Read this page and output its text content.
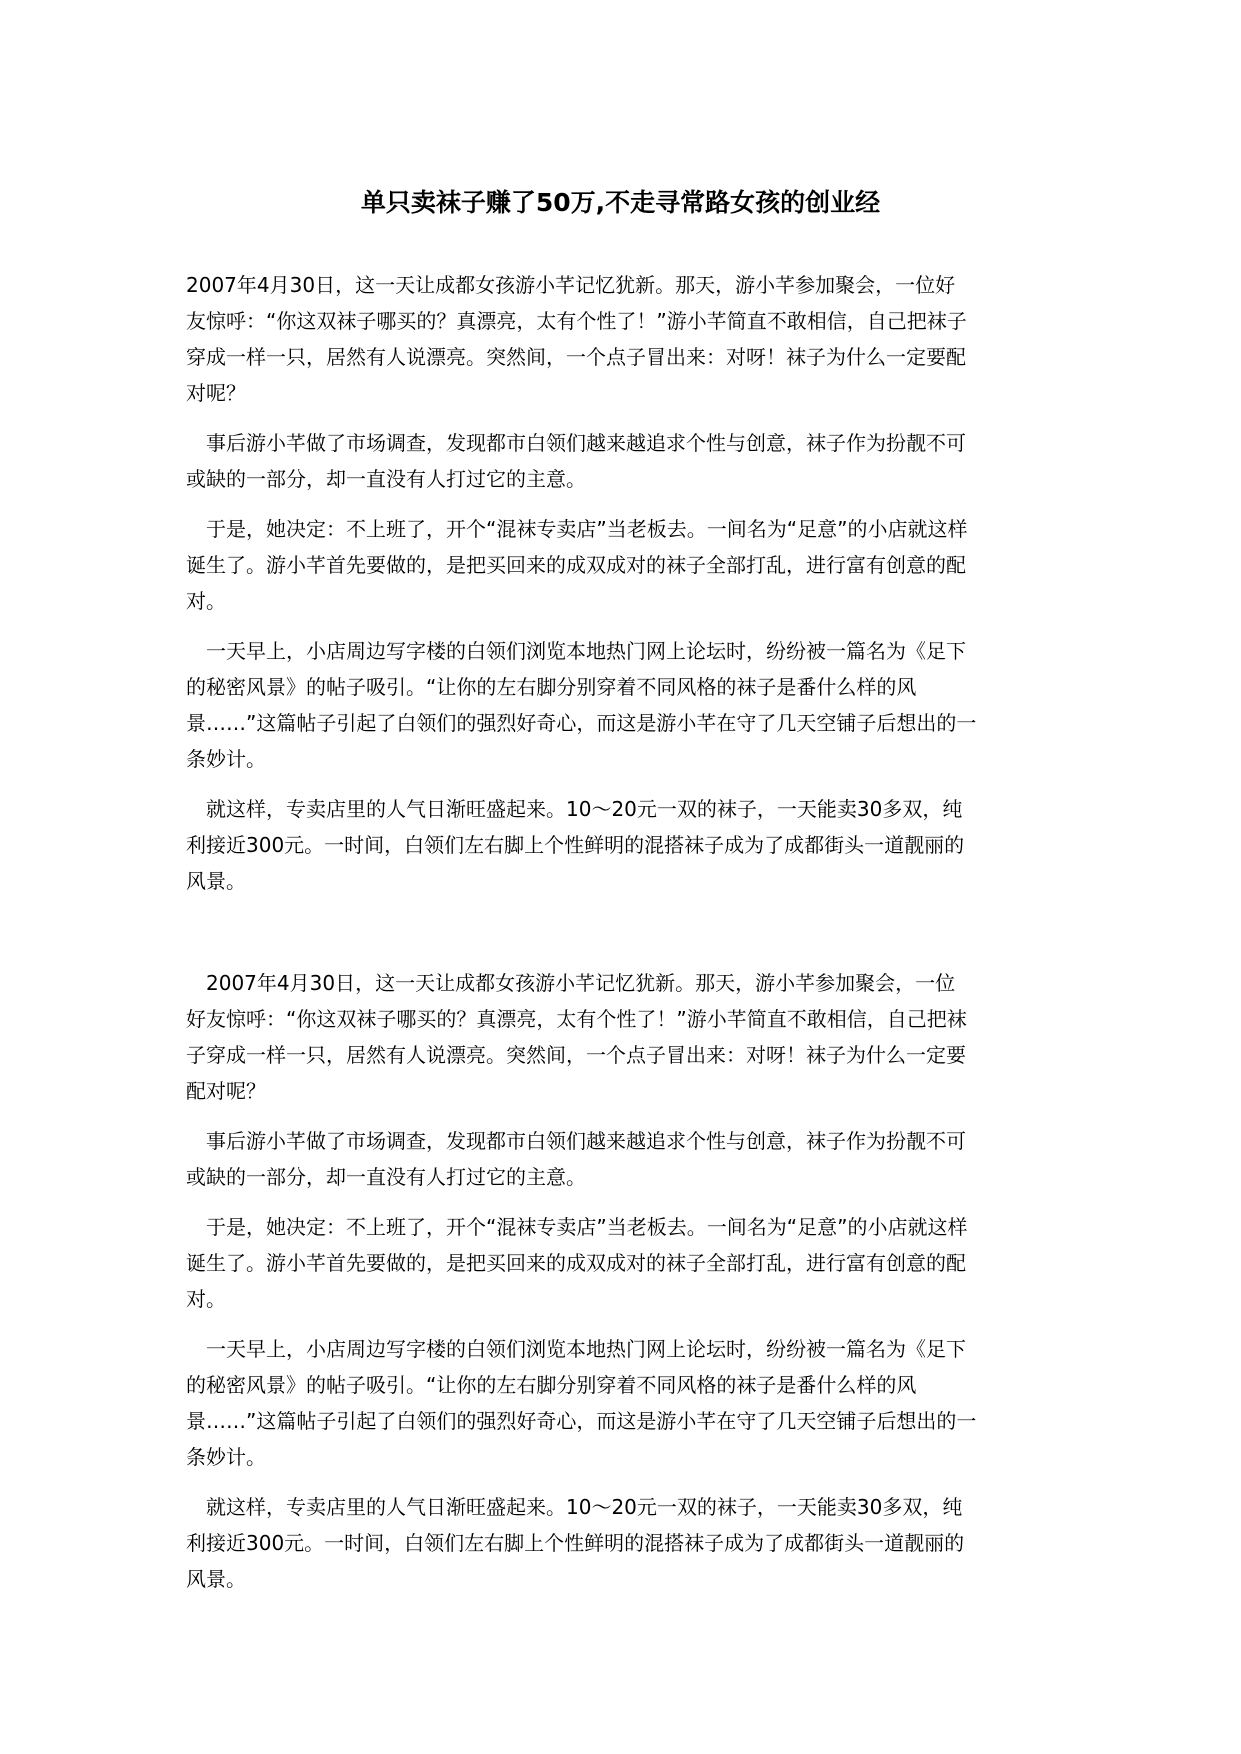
单只卖袜子赚了50万,不走寻常路女孩的创业经

2007年4月30日，这一天让成都女孩游小芊记忆犹新。那天，游小芊参加聚会，一位好
友惊呼：“你这双袜子哪买的？真漂亮，太有个性了！”游小芊简直不敢相信，自己把袜子
穿成一样一只，居然有人说漂亮。突然间，一个点子冒出来：对呀！袜子为什么一定要配
对呢？

　事后游小芊做了市场调查，发现都市白领们越来越追求个性与创意，袜子作为扮靓不可
或缺的一部分，却一直没有人打过它的主意。

　于是，她决定：不上班了，开个“混袜专卖店”当老板去。一间名为“足意”的小店就这样
诞生了。游小芊首先要做的，是把买回来的成双成对的袜子全部打乱，进行富有创意的配
对。

　一天早上，小店周边写字楼的白领们浏览本地热门网上论坛时，纷纷被一篇名为《足下
的秘密风景》的帖子吸引。“让你的左右脚分别穿着不同风格的袜子是番什么样的风
景……”这篇帖子引起了白领们的强烈好奇心，而这是游小芊在守了几天空铺子后想出的一
条妙计。

　就这样，专卖店里的人气日渐旺盛起来。10～20元一双的袜子，一天能卖30多双，纯
利接近300元。一时间，白领们左右脚上个性鲜明的混搭袜子成为了成都街头一道靓丽的
风景。

　2007年4月30日，这一天让成都女孩游小芊记忆犹新。那天，游小芊参加聚会，一位
好友惊呼：“你这双袜子哪买的？真漂亮，太有个性了！”游小芊简直不敢相信，自己把袜
子穿成一样一只，居然有人说漂亮。突然间，一个点子冒出来：对呀！袜子为什么一定要
配对呢？

　事后游小芊做了市场调查，发现都市白领们越来越追求个性与创意，袜子作为扮靓不可
或缺的一部分，却一直没有人打过它的主意。

　于是，她决定：不上班了，开个“混袜专卖店”当老板去。一间名为“足意”的小店就这样
诞生了。游小芊首先要做的，是把买回来的成双成对的袜子全部打乱，进行富有创意的配
对。

　一天早上，小店周边写字楼的白领们浏览本地热门网上论坛时，纷纷被一篇名为《足下
的秘密风景》的帖子吸引。“让你的左右脚分别穿着不同风格的袜子是番什么样的风
景……”这篇帖子引起了白领们的强烈好奇心，而这是游小芊在守了几天空铺子后想出的一
条妙计。

　就这样，专卖店里的人气日渐旺盛起来。10～20元一双的袜子，一天能卖30多双，纯
利接近300元。一时间，白领们左右脚上个性鲜明的混搭袜子成为了成都街头一道靓丽的
风景。
